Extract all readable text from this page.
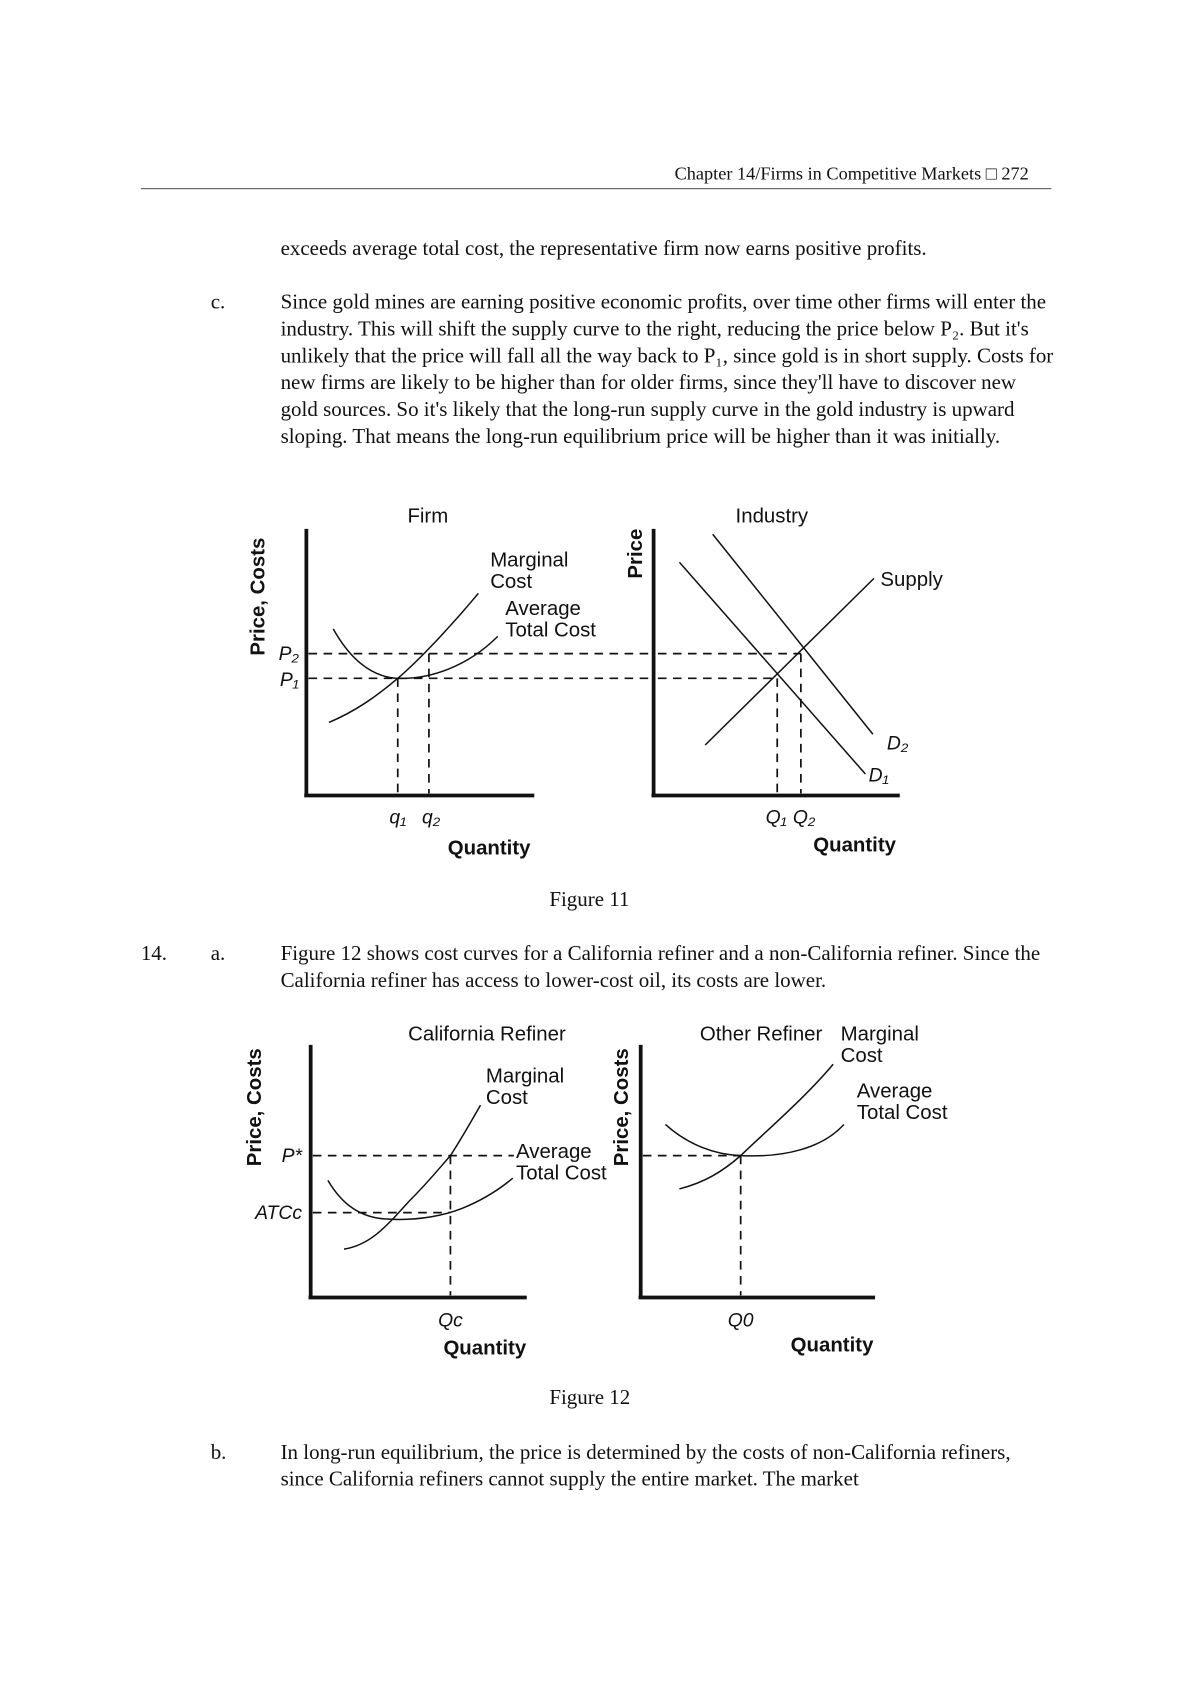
Chapter 14/Firms in Competitive Markets □ 272
exceeds average total cost, the representative firm now earns positive profits.
c.	Since gold mines are earning positive economic profits, over time other firms will enter the industry. This will shift the supply curve to the right, reducing the price below P₂. But it's unlikely that the price will fall all the way back to P₁, since gold is in short supply. Costs for new firms are likely to be higher than for older firms, since they'll have to discover new gold sources. So it's likely that the long-run supply curve in the gold industry is upward sloping. That means the long-run equilibrium price will be higher than it was initially.
Firm
Price, Costs	Marginal
Cost
Average
Total Cost
P₂
P₁
q₁ q₂
Quantity
Industry
Price
Supply
D₂
D₁
Q₁ Q₂
Quantity
Figure 11
14. a.	Figure 12 shows cost curves for a California refiner and a non-California refiner. Since the California refiner has access to lower-cost oil, its costs are lower.
California Refiner
Price, Costs	Marginal
Cost
Average
Total Cost
P*
ATCc
Qc
Quantity
Other Refiner
Price, Costs
Marginal
Cost
Average
Total Cost
Q0
Quantity
Figure 12
b.	In long-run equilibrium, the price is determined by the costs of non-California refiners, since California refiners cannot supply the entire market. The market
